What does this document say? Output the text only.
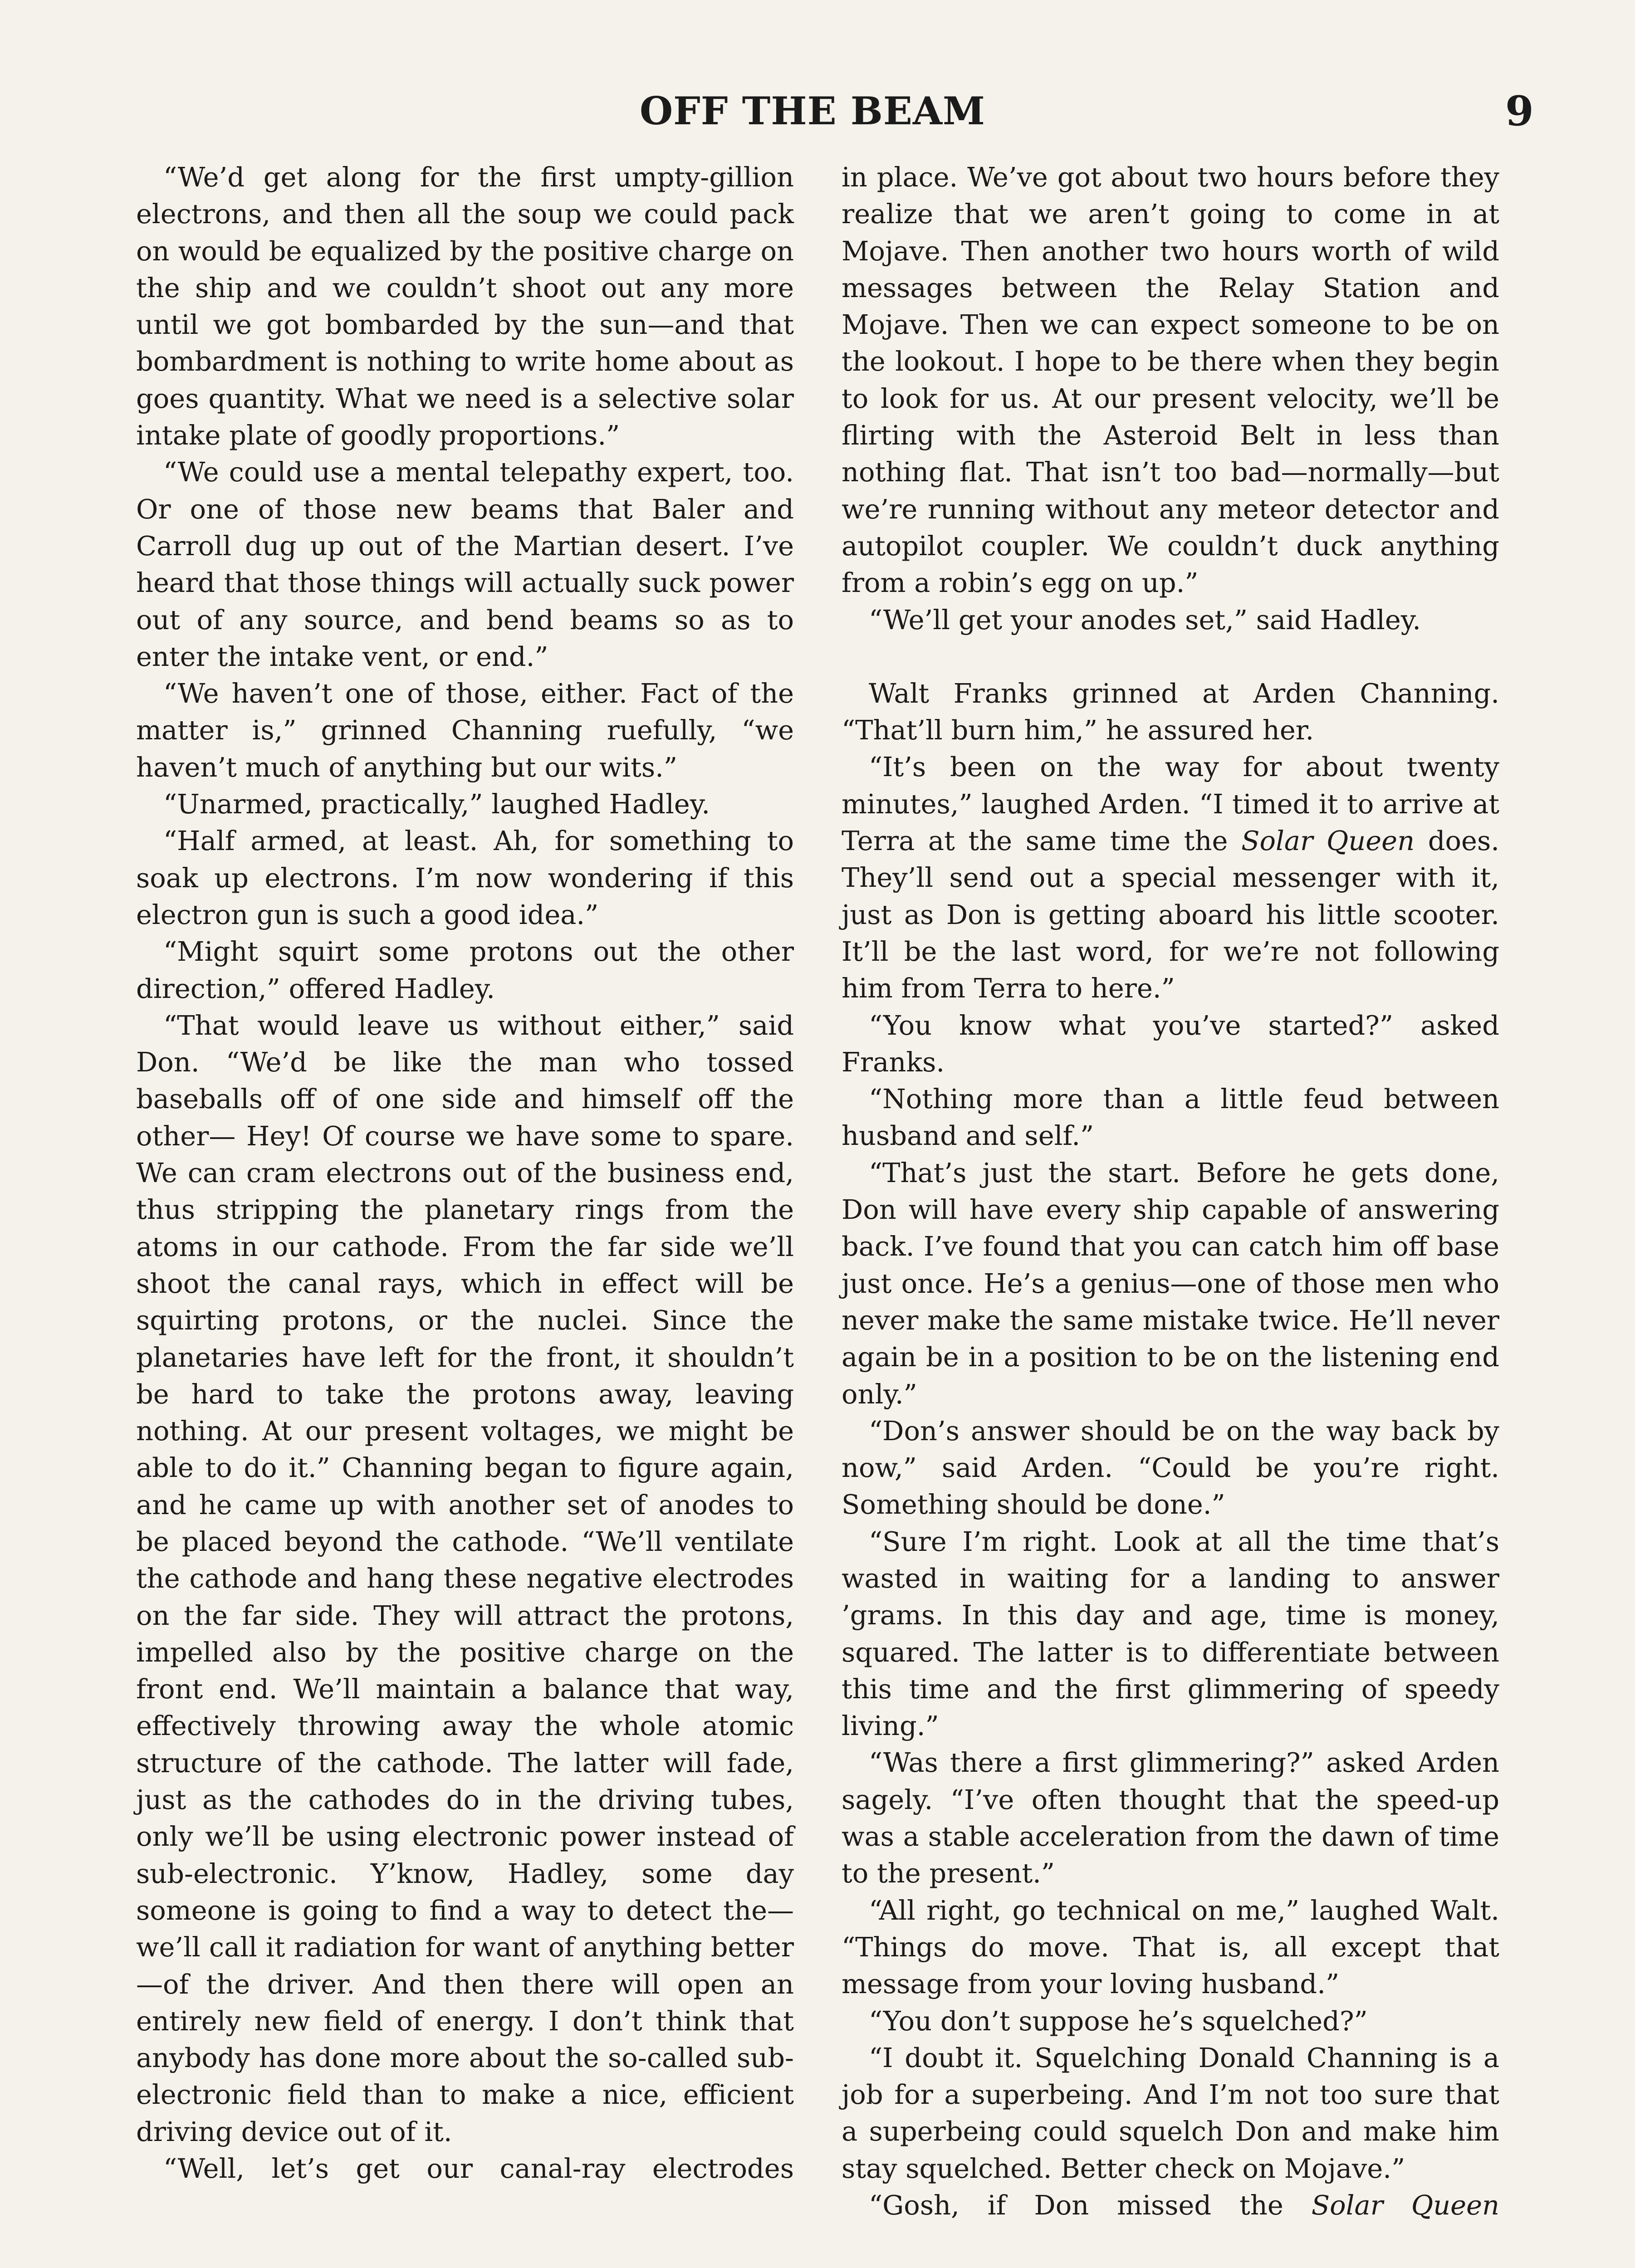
OFF THE BEAM	9

“We’d get along for the first umpty-gillion electrons, and then all the soup we could pack on would be equalized by the positive charge on the ship and we couldn’t shoot out any more until we got bombarded by the sun—and that bombardment is nothing to write home about as goes quantity. What we need is a selective solar intake plate of goodly proportions.”

“We could use a mental telepathy expert, too. Or one of those new beams that Baler and Carroll dug up out of the Martian desert. I’ve heard that those things will actually suck power out of any source, and bend beams so as to enter the intake vent, or end.”

“We haven’t one of those, either. Fact of the matter is,” grinned Channing ruefully, “we haven’t much of anything but our wits.”

“Unarmed, practically,” laughed Hadley.

“Half armed, at least. Ah, for something to soak up electrons. I’m now wondering if this electron gun is such a good idea.”

“Might squirt some protons out the other direction,” offered Hadley.

“That would leave us without either,” said Don. “We’d be like the man who tossed baseballs off of one side and himself off the other— Hey! Of course we have some to spare. We can cram electrons out of the business end, thus stripping the planetary rings from the atoms in our cathode. From the far side we’ll shoot the canal rays, which in effect will be squirting protons, or the nuclei. Since the planetaries have left for the front, it shouldn’t be hard to take the protons away, leaving nothing. At our present voltages, we might be able to do it.” Channing began to figure again, and he came up with another set of anodes to be placed beyond the cathode. “We’ll ventilate the cathode and hang these negative electrodes on the far side. They will attract the protons, impelled also by the positive charge on the front end. We’ll maintain a balance that way, effectively throwing away the whole atomic structure of the cathode. The latter will fade, just as the cathodes do in the driving tubes, only we’ll be using electronic power instead of sub-electronic. Y’know, Hadley, some day someone is going to find a way to detect the—we’ll call it radiation for want of anything better—of the driver. And then there will open an entirely new field of energy. I don’t think that anybody has done more about the so-called sub-electronic field than to make a nice, efficient driving device out of it.

“Well, let’s get our canal-ray electrodes

in place. We’ve got about two hours before they realize that we aren’t going to come in at Mojave. Then another two hours worth of wild messages between the Relay Station and Mojave. Then we can expect someone to be on the lookout. I hope to be there when they begin to look for us. At our present velocity, we’ll be flirting with the Asteroid Belt in less than nothing flat. That isn’t too bad—normally—but we’re running without any meteor detector and autopilot coupler. We couldn’t duck anything from a robin’s egg on up.”

“We’ll get your anodes set,” said Hadley.

Walt Franks grinned at Arden Channing. “That’ll burn him,” he assured her.

“It’s been on the way for about twenty minutes,” laughed Arden. “I timed it to arrive at Terra at the same time the Solar Queen does. They’ll send out a special messenger with it, just as Don is getting aboard his little scooter. It’ll be the last word, for we’re not following him from Terra to here.”

“You know what you’ve started?” asked Franks.

“Nothing more than a little feud between husband and self.”

“That’s just the start. Before he gets done, Don will have every ship capable of answering back. I’ve found that you can catch him off base just once. He’s a genius—one of those men who never make the same mistake twice. He’ll never again be in a position to be on the listening end only.”

“Don’s answer should be on the way back by now,” said Arden. “Could be you’re right. Something should be done.”

“Sure I’m right. Look at all the time that’s wasted in waiting for a landing to answer ’grams. In this day and age, time is money, squared. The latter is to differentiate between this time and the first glimmering of speedy living.”

“Was there a first glimmering?” asked Arden sagely. “I’ve often thought that the speed-up was a stable acceleration from the dawn of time to the present.”

“All right, go technical on me,” laughed Walt. “Things do move. That is, all except that message from your loving husband.”

“You don’t suppose he’s squelched?”

“I doubt it. Squelching Donald Channing is a job for a superbeing. And I’m not too sure that a superbeing could squelch Don and make him stay squelched. Better check on Mojave.”

“Gosh, if Don missed the Solar Queen
